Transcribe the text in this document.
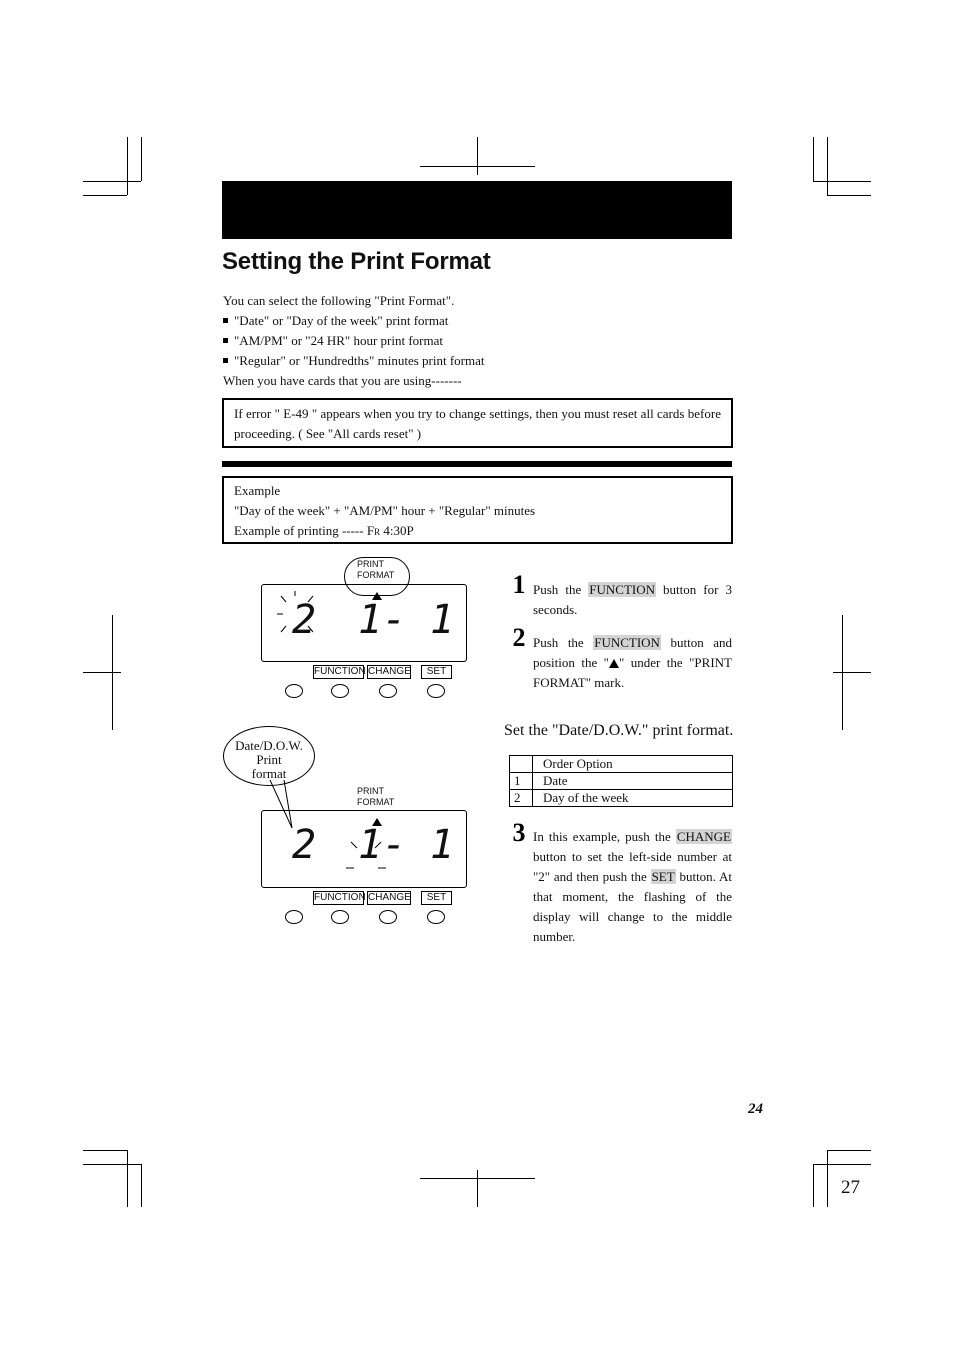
Setting the Print Format
You can select the following "Print Format".
"Date" or "Day of the week" print format
"AM/PM" or "24 HR" hour print format
"Regular" or "Hundredths" minutes print format
When you have cards that you are using-------
If error " E-49 " appears when you try to change settings, then you must reset all cards before proceeding. ( See "All cards reset" )
Example
"Day of the week" + "AM/PM" hour + "Regular" minutes
Example of printing ----- FR 4:30P
PRINT
FORMAT
2 1- 1
FUNCTION CHANGE	SET
Date/D.O.W.
Print
format
PRINT
FORMAT
2 1- 1
FUNCTION CHANGE	SET
1 Push the FUNCTION button for 3 seconds.
2 Push the FUNCTION button and position the " " under the "PRINT FORMAT" mark.
Set the "Date/D.O.W." print format.
	Order Option
1	Date
2	Day of the week
3 In this example, push the CHANGE button to set the left-side number at "2" and then push the SET button. At that moment, the flashing of the display will change to the middle number.
24
27
